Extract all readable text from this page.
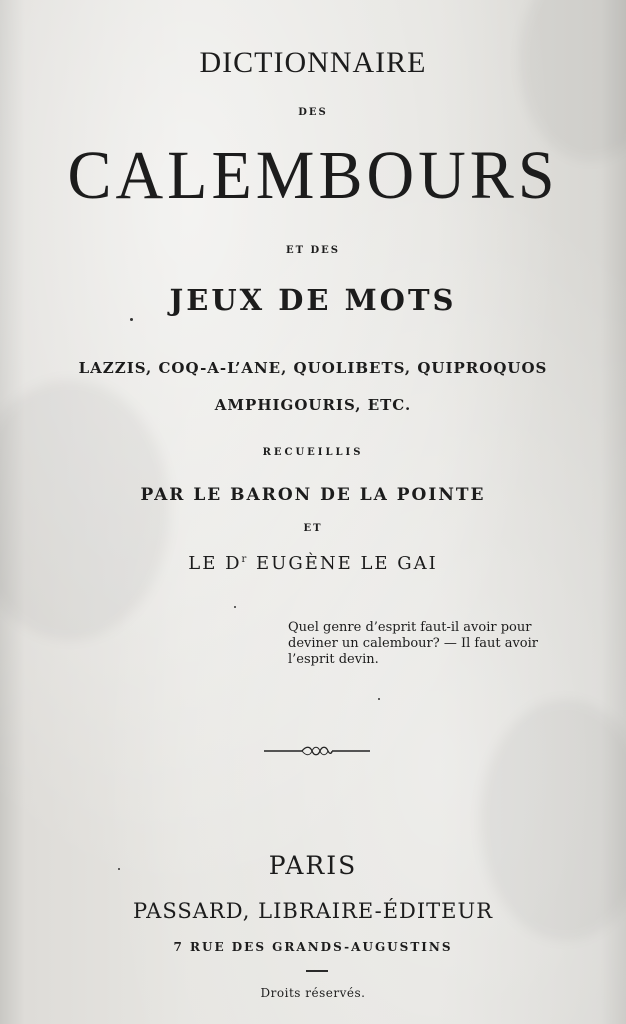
DICTIONNAIRE

DES

CALEMBOURS

ET DES

JEUX DE MOTS

LAZZIS, COQ-A-L’ANE, QUOLIBETS, QUIPROQUOS

AMPHIGOURIS, ETC.

RECUEILLIS

PAR LE BARON DE LA POINTE

ET

LE $D^r$ EUGÈNE LE GAI

Quel genre d’esprit faut-il avoir pour
deviner un calembour? — Il faut avoir
l’esprit devin.

PARIS

PASSARD, LIBRAIRE-ÉDITEUR

7 RUE DES GRANDS-AUGUSTINS

Droits réservés.
